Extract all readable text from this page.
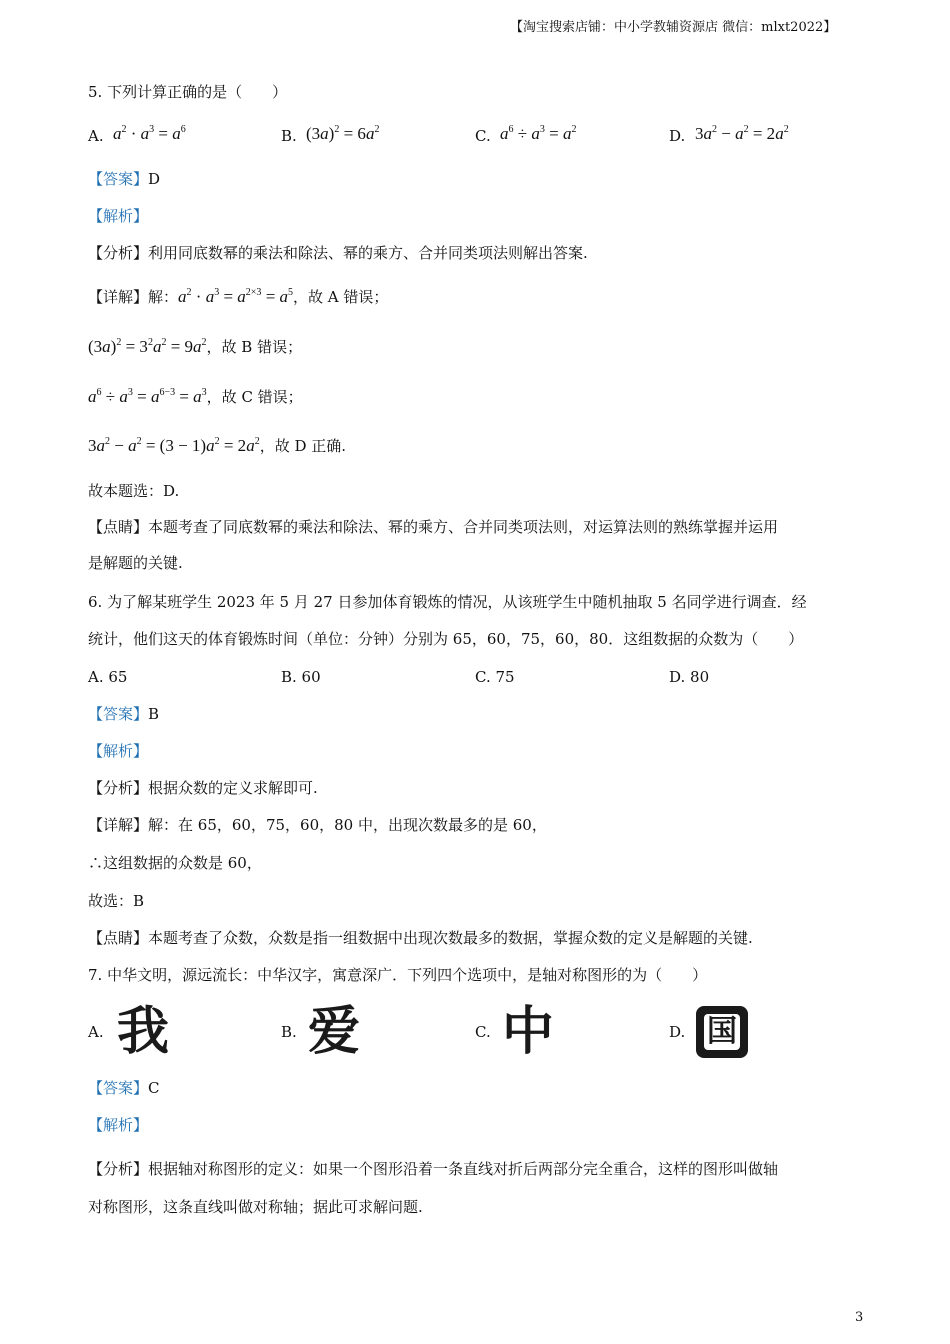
【淘宝搜索店铺：中小学教辅资源店 微信：mlxt2022】
5. 下列计算正确的是（　　）
A. $a^2 \cdot a^3 = a^6$	B. $(3a)^2 = 6a^2$	C. $a^6 \div a^3 = a^2$	D. $3a^2 - a^2 = 2a^2$
【答案】D
【解析】
【分析】利用同底数幂的乘法和除法、幂的乘方、合并同类项法则解出答案.
【详解】解：$a^2 \cdot a^3 = a^{2\times 3} = a^5$，故 A 错误；
$(3a)^2 = 3^2a^2 = 9a^2$，故 B 错误；
$a^6 \div a^3 = a^{6-3} = a^3$，故 C 错误；
$3a^2 - a^2 = (3 - 1)a^2 = 2a^2$，故 D 正确.
故本题选：D.
【点睛】本题考查了同底数幂的乘法和除法、幂的乘方、合并同类项法则，对运算法则的熟练掌握并运用
是解题的关键.
6. 为了解某班学生 2023 年 5 月 27 日参加体育锻炼的情况，从该班学生中随机抽取 5 名同学进行调查．经
统计，他们这天的体育锻炼时间（单位：分钟）分别为 65，60，75，60，80．这组数据的众数为（　　）
A. 65	B. 60	C. 75	D. 80
【答案】B
【解析】
【分析】根据众数的定义求解即可.
【详解】解：在 65，60，75，60，80 中，出现次数最多的是 60，
∴这组数据的众数是 60，
故选：B
【点睛】本题考查了众数，众数是指一组数据中出现次数最多的数据，掌握众数的定义是解题的关键.
7. 中华文明，源远流长：中华汉字，寓意深广．下列四个选项中，是轴对称图形的为（　　）
A. 我	B. 爱	C. 中	D. 国
【答案】C
【解析】
【分析】根据轴对称图形的定义：如果一个图形沿着一条直线对折后两部分完全重合，这样的图形叫做轴
对称图形，这条直线叫做对称轴；据此可求解问题.
3
